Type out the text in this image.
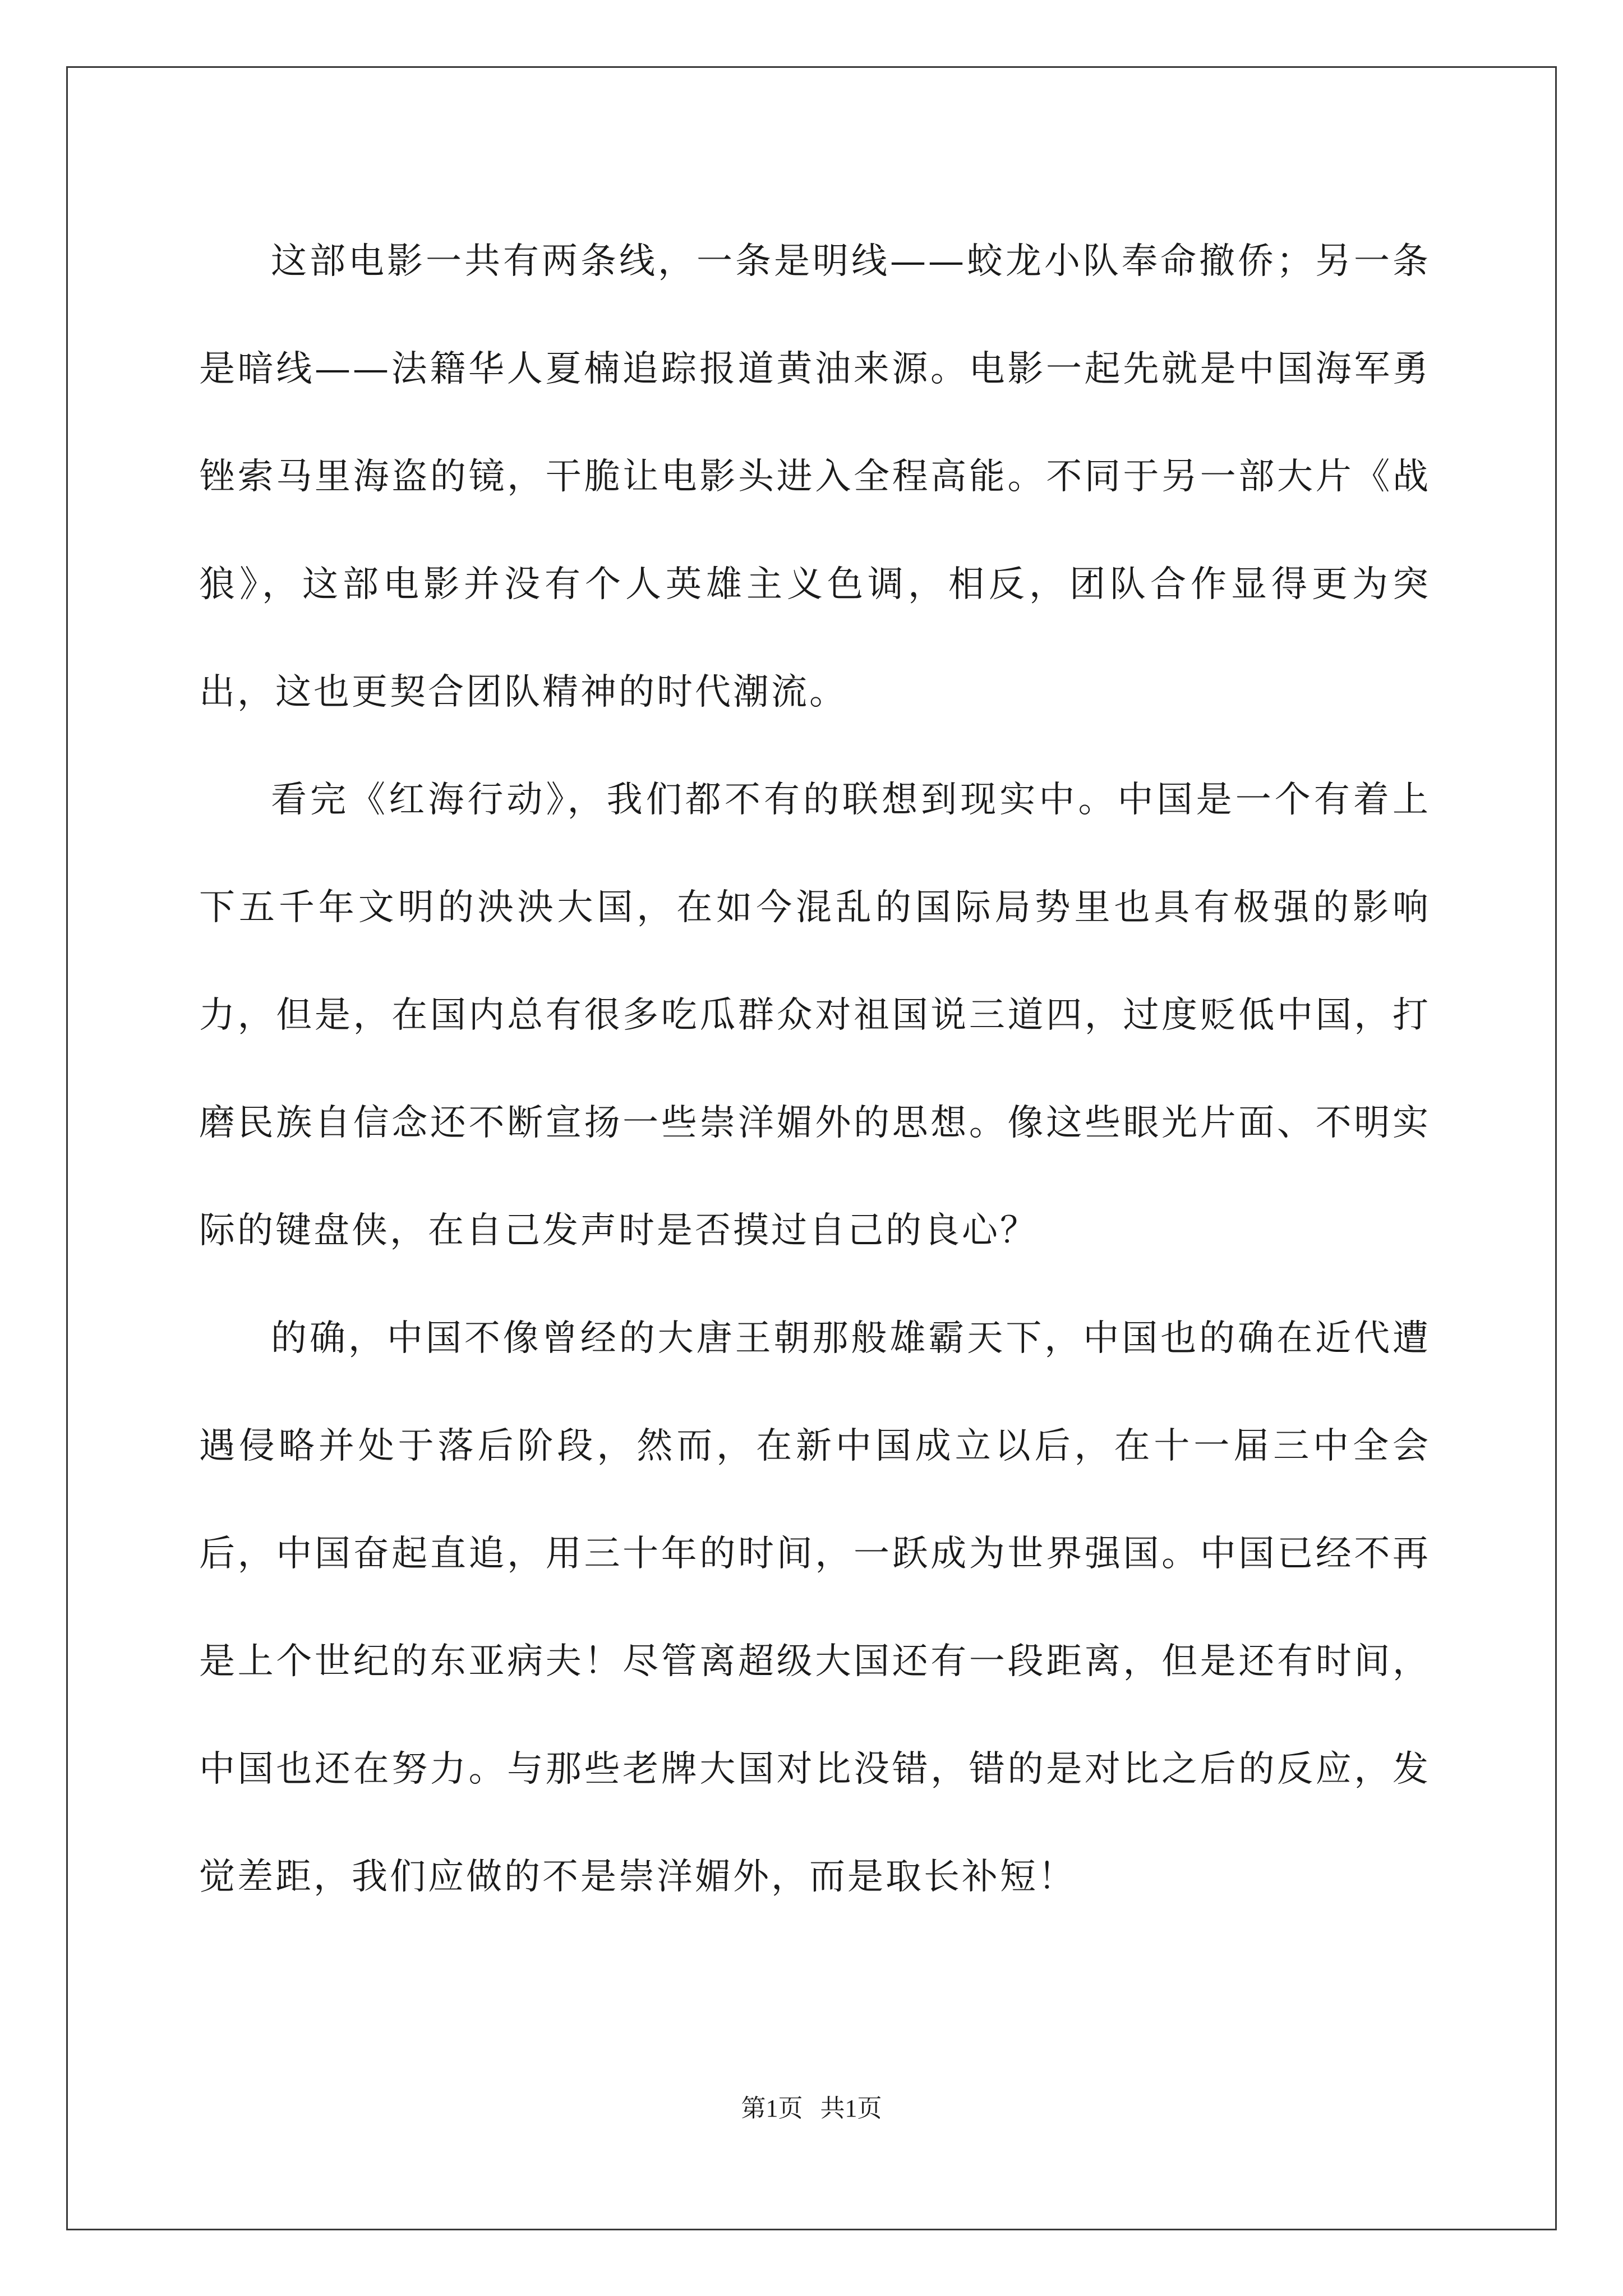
这部电影一共有两条线，一条是明线——蛟龙小队奉命撤侨；另一条是暗线——法籍华人夏楠追踪报道黄油来源。电影一起先就是中国海军勇锉索马里海盗的镜，干脆让电影头进入全程高能。不同于另一部大片《战狼》，这部电影并没有个人英雄主义色调，相反，团队合作显得更为突出，这也更契合团队精神的时代潮流。

看完《红海行动》，我们都不有的联想到现实中。中国是一个有着上下五千年文明的泱泱大国，在如今混乱的国际局势里也具有极强的影响力，但是，在国内总有很多吃瓜群众对祖国说三道四，过度贬低中国，打磨民族自信念还不断宣扬一些崇洋媚外的思想。像这些眼光片面、不明实际的键盘侠，在自己发声时是否摸过自己的良心？

的确，中国不像曾经的大唐王朝那般雄霸天下，中国也的确在近代遭遇侵略并处于落后阶段，然而，在新中国成立以后，在十一届三中全会后，中国奋起直追，用三十年的时间，一跃成为世界强国。中国已经不再是上个世纪的东亚病夫！尽管离超级大国还有一段距离，但是还有时间，中国也还在努力。与那些老牌大国对比没错，错的是对比之后的反应，发觉差距，我们应做的不是崇洋媚外，而是取长补短！

第1页 共1页
